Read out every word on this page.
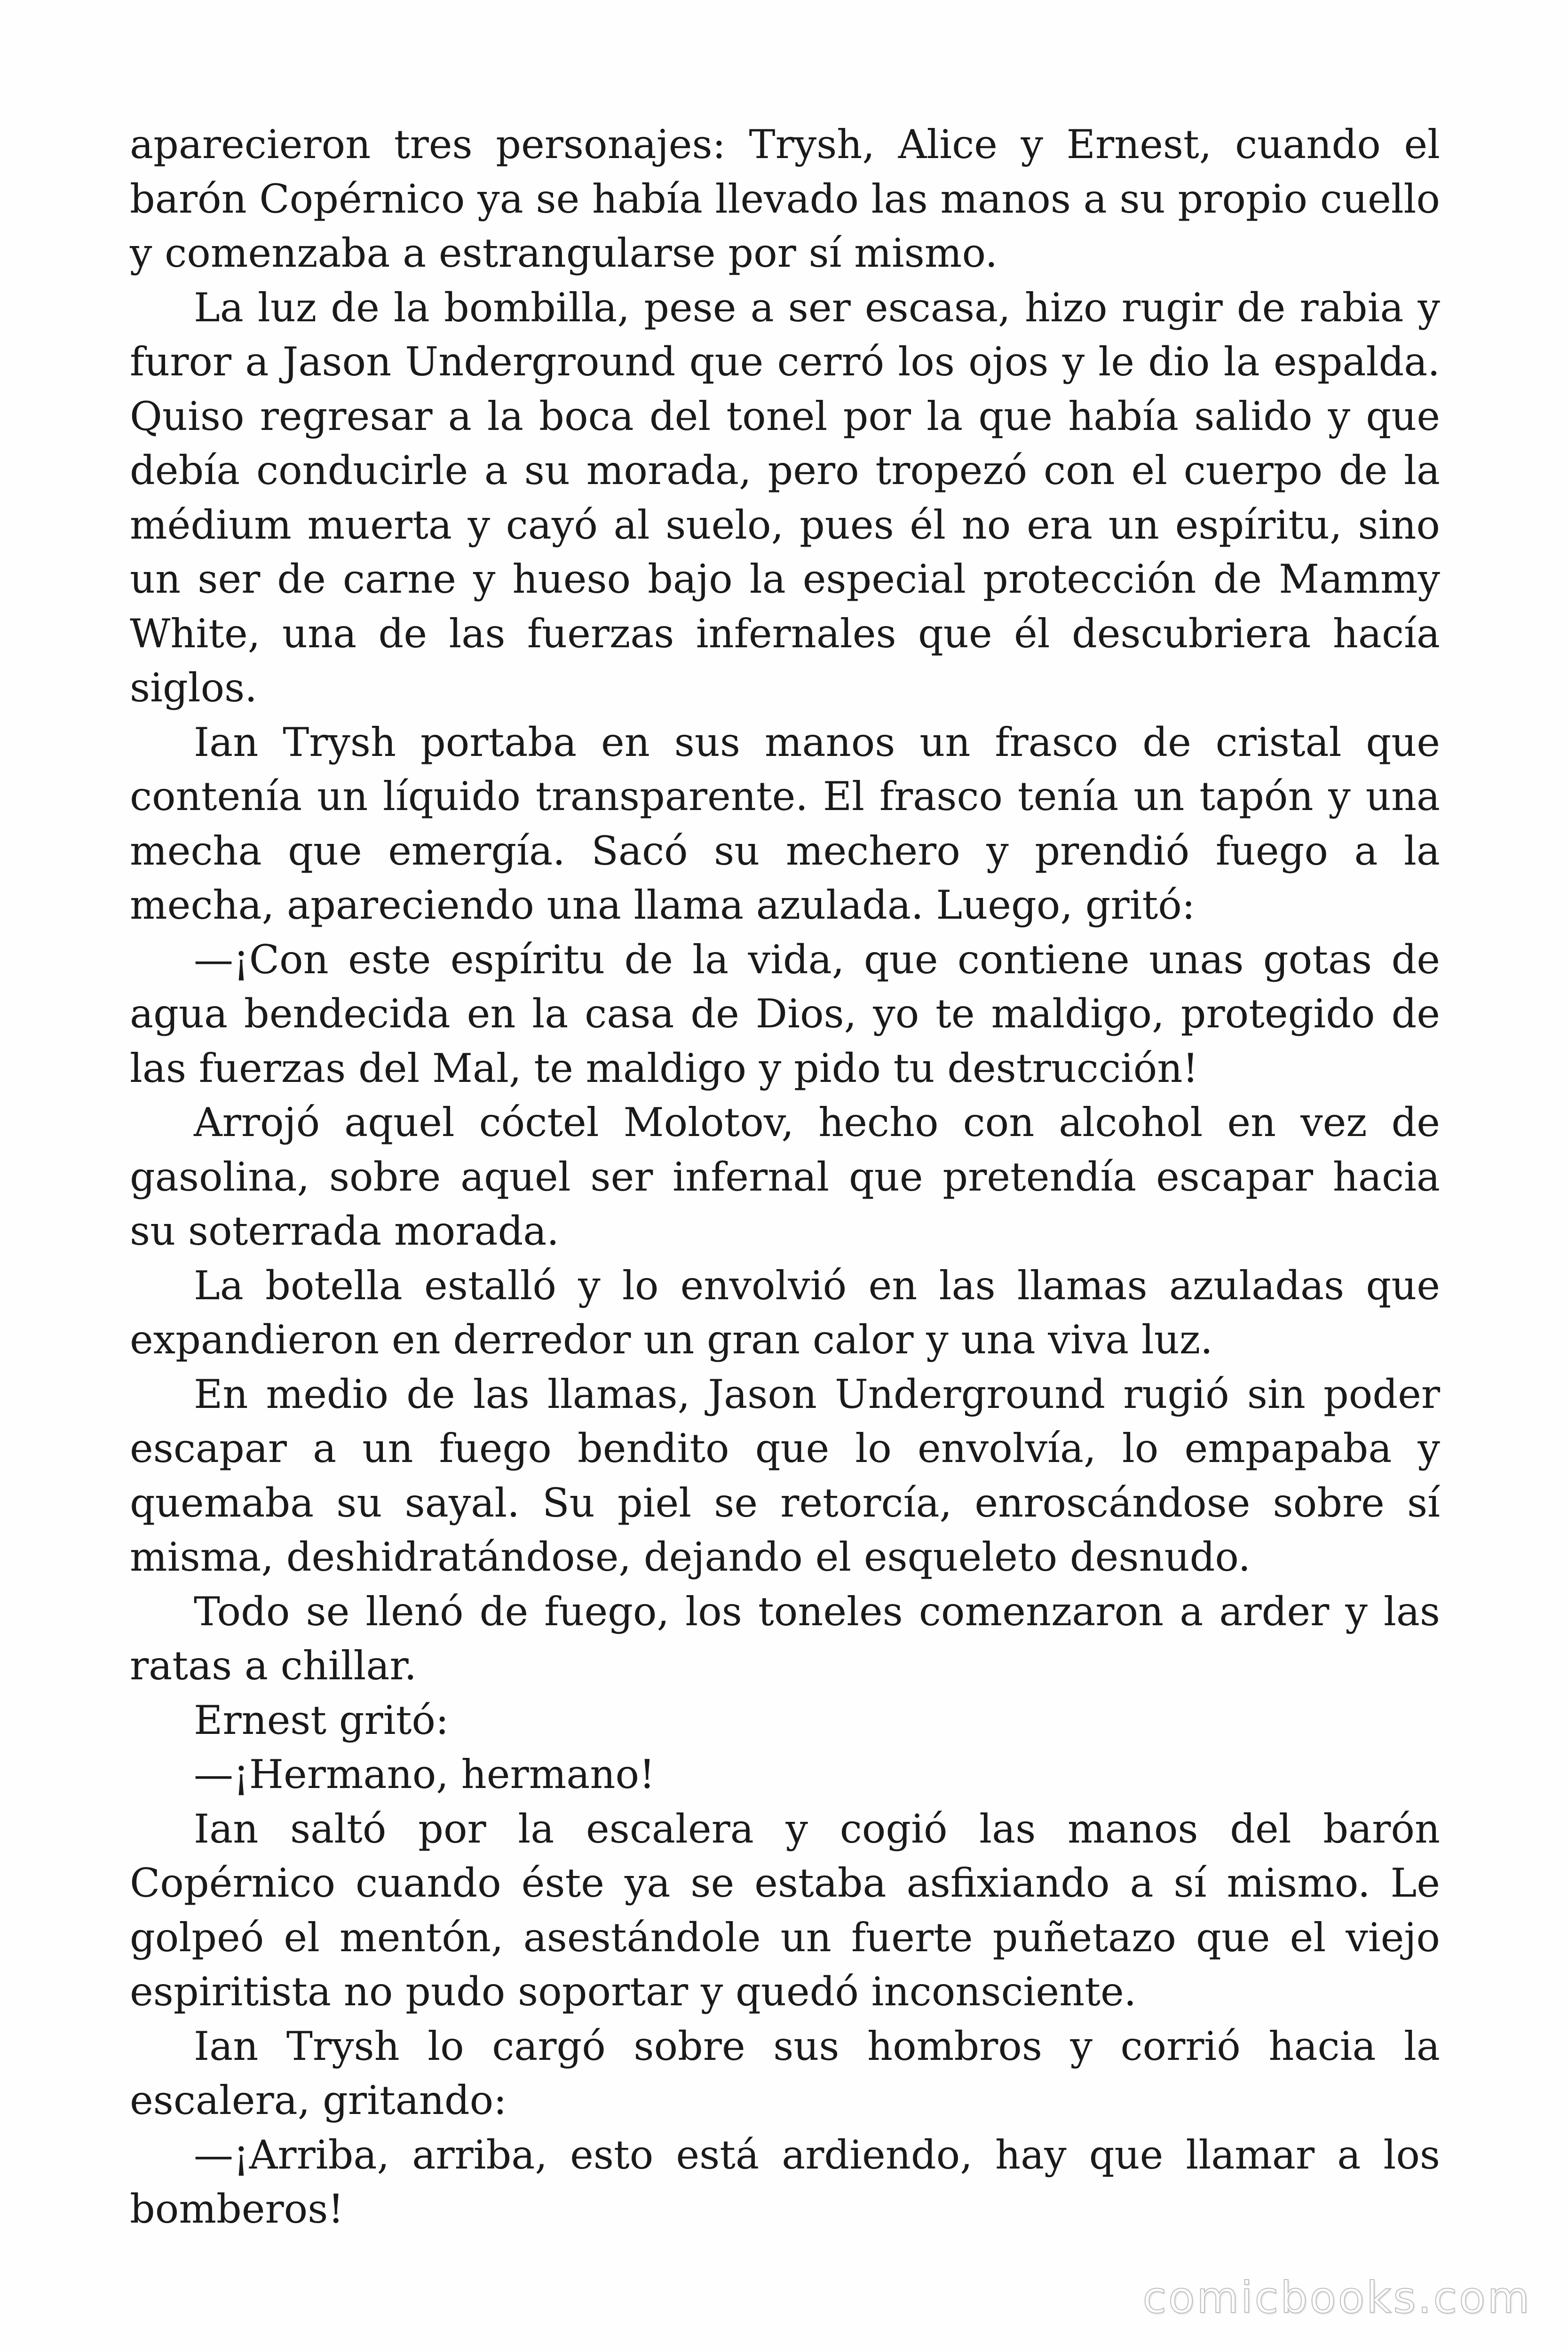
aparecieron tres personajes: Trysh, Alice y Ernest, cuando el barón Copérnico ya se había llevado las manos a su propio cuello y comenzaba a estrangularse por sí mismo.

La luz de la bombilla, pese a ser escasa, hizo rugir de rabia y furor a Jason Underground que cerró los ojos y le dio la espalda. Quiso regresar a la boca del tonel por la que había salido y que debía conducirle a su morada, pero tropezó con el cuerpo de la médium muerta y cayó al suelo, pues él no era un espíritu, sino un ser de carne y hueso bajo la especial protección de Mammy White, una de las fuerzas infernales que él descubriera hacía siglos.

Ian Trysh portaba en sus manos un frasco de cristal que contenía un líquido transparente. El frasco tenía un tapón y una mecha que emergía. Sacó su mechero y prendió fuego a la mecha, apareciendo una llama azulada. Luego, gritó:

—¡Con este espíritu de la vida, que contiene unas gotas de agua bendecida en la casa de Dios, yo te maldigo, protegido de las fuerzas del Mal, te maldigo y pido tu destrucción!

Arrojó aquel cóctel Molotov, hecho con alcohol en vez de gasolina, sobre aquel ser infernal que pretendía escapar hacia su soterrada morada.

La botella estalló y lo envolvió en las llamas azuladas que expandieron en derredor un gran calor y una viva luz.

En medio de las llamas, Jason Underground rugió sin poder escapar a un fuego bendito que lo envolvía, lo empapaba y quemaba su sayal. Su piel se retorcía, enroscándose sobre sí misma, deshidratándose, dejando el esqueleto desnudo.

Todo se llenó de fuego, los toneles comenzaron a arder y las ratas a chillar.

Ernest gritó:

—¡Hermano, hermano!

Ian saltó por la escalera y cogió las manos del barón Copérnico cuando éste ya se estaba asfixiando a sí mismo. Le golpeó el mentón, asestándole un fuerte puñetazo que el viejo espiritista no pudo soportar y quedó inconsciente.

Ian Trysh lo cargó sobre sus hombros y corrió hacia la escalera, gritando:

—¡Arriba, arriba, esto está ardiendo, hay que llamar a los bomberos!

comicbooks.com
